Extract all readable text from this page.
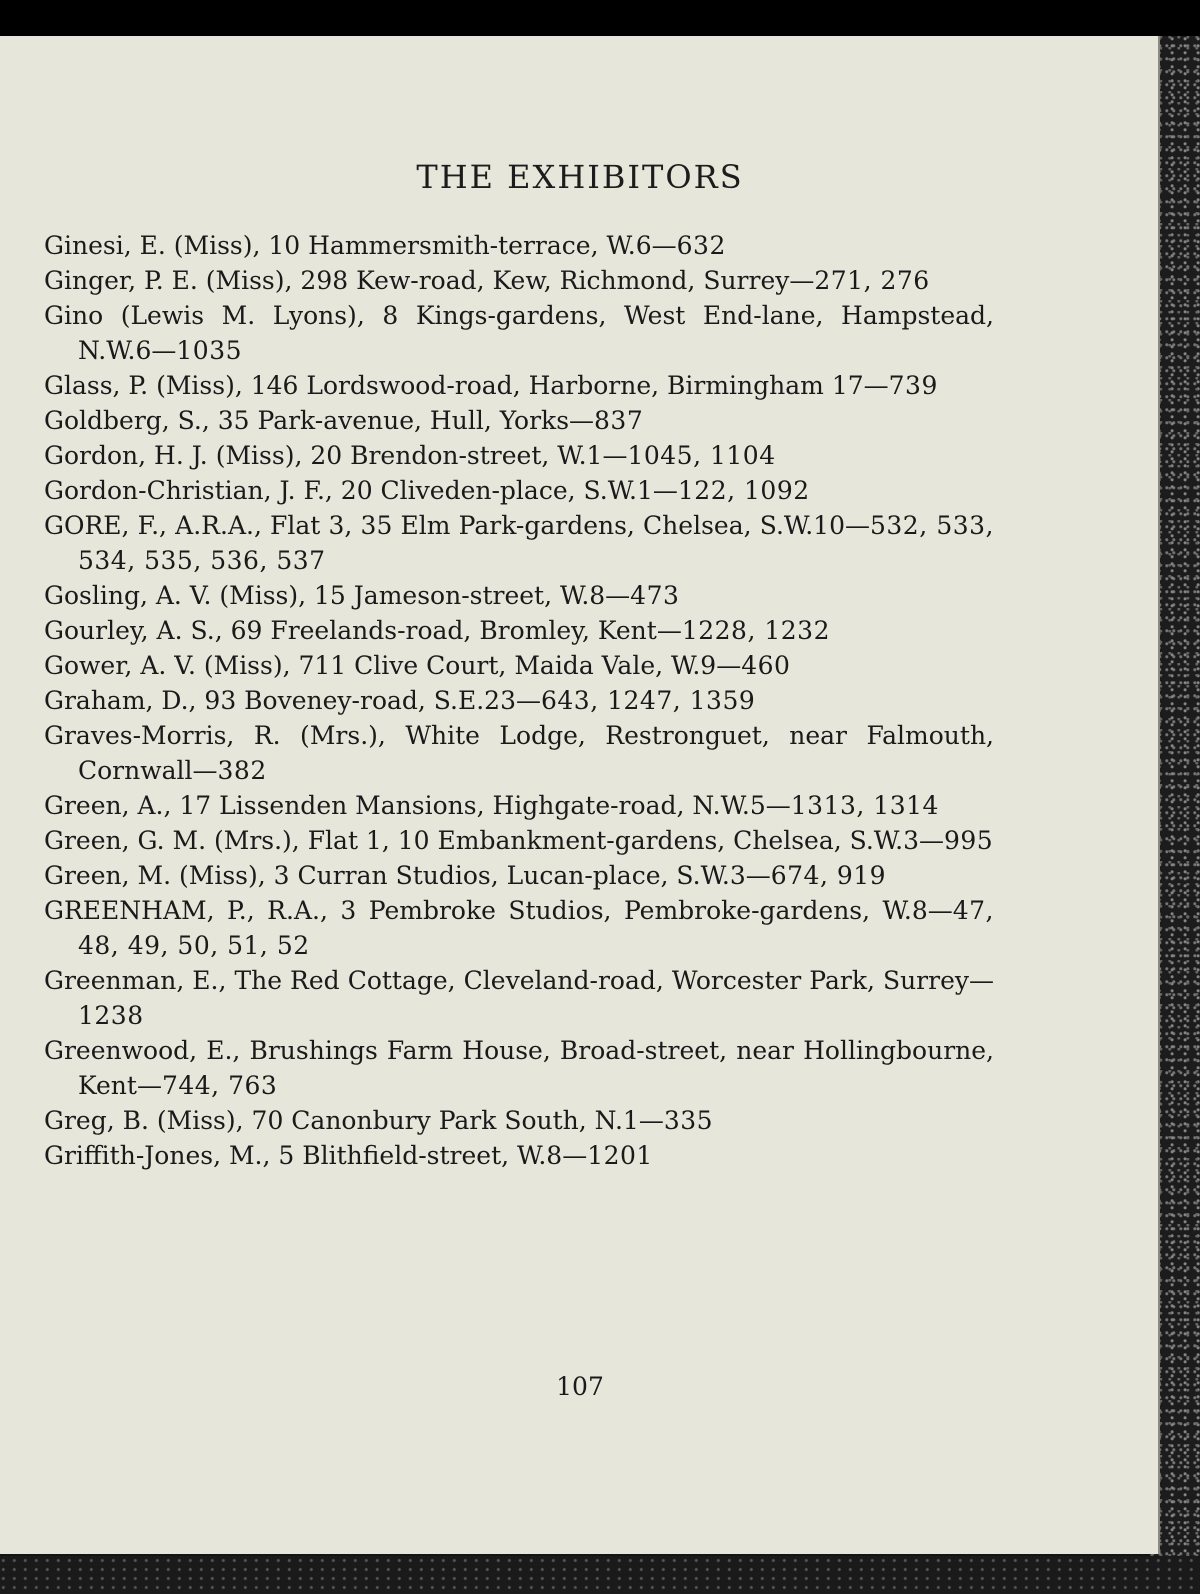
THE EXHIBITORS
Ginesi, E. (Miss), 10 Hammersmith-terrace, W.6—632
Ginger, P. E. (Miss), 298 Kew-road, Kew, Richmond, Surrey—271, 276
Gino (Lewis M. Lyons), 8 Kings-gardens, West End-lane, Hampstead, N.W.6—1035
Glass, P. (Miss), 146 Lordswood-road, Harborne, Birmingham 17—739
Goldberg, S., 35 Park-avenue, Hull, Yorks—837
Gordon, H. J. (Miss), 20 Brendon-street, W.1—1045, 1104
Gordon-Christian, J. F., 20 Cliveden-place, S.W.1—122, 1092
GORE, F., A.R.A., Flat 3, 35 Elm Park-gardens, Chelsea, S.W.10—532, 533, 534, 535, 536, 537
Gosling, A. V. (Miss), 15 Jameson-street, W.8—473
Gourley, A. S., 69 Freelands-road, Bromley, Kent—1228, 1232
Gower, A. V. (Miss), 711 Clive Court, Maida Vale, W.9—460
Graham, D., 93 Boveney-road, S.E.23—643, 1247, 1359
Graves-Morris, R. (Mrs.), White Lodge, Restronguet, near Falmouth, Cornwall—382
Green, A., 17 Lissenden Mansions, Highgate-road, N.W.5—1313, 1314
Green, G. M. (Mrs.), Flat 1, 10 Embankment-gardens, Chelsea, S.W.3—995
Green, M. (Miss), 3 Curran Studios, Lucan-place, S.W.3—674, 919
GREENHAM, P., R.A., 3 Pembroke Studios, Pembroke-gardens, W.8—47, 48, 49, 50, 51, 52
Greenman, E., The Red Cottage, Cleveland-road, Worcester Park, Surrey—1238
Greenwood, E., Brushings Farm House, Broad-street, near Hollingbourne, Kent—744, 763
Greg, B. (Miss), 70 Canonbury Park South, N.1—335
Griffith-Jones, M., 5 Blithfield-street, W.8—1201
107
